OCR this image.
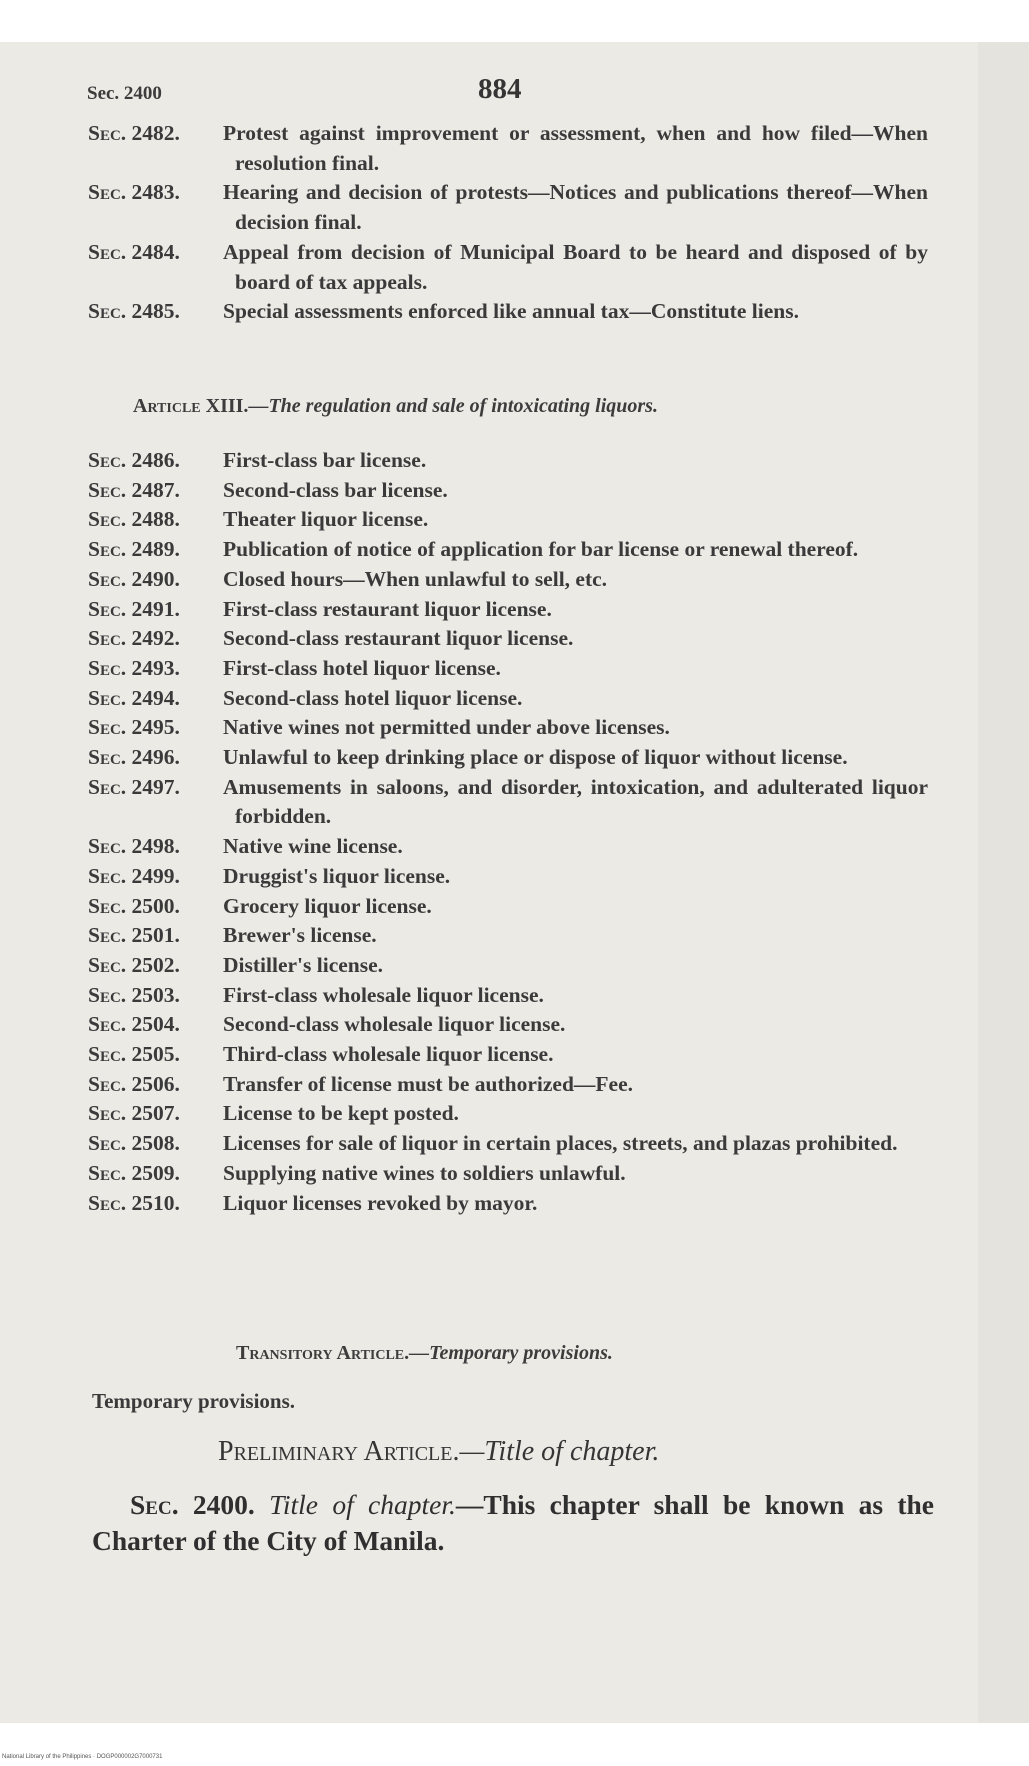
Sec. 2400	884
Sec. 2482. Protest against improvement or assessment, when and how filed—When resolution final.
Sec. 2483. Hearing and decision of protests—Notices and publications thereof—When decision final.
Sec. 2484. Appeal from decision of Municipal Board to be heard and disposed of by board of tax appeals.
Sec. 2485. Special assessments enforced like annual tax—Constitute liens.
Article XIII.—The regulation and sale of intoxicating liquors.
Sec. 2486. First-class bar license.
Sec. 2487. Second-class bar license.
Sec. 2488. Theater liquor license.
Sec. 2489. Publication of notice of application for bar license or renewal thereof.
Sec. 2490. Closed hours—When unlawful to sell, etc.
Sec. 2491. First-class restaurant liquor license.
Sec. 2492. Second-class restaurant liquor license.
Sec. 2493. First-class hotel liquor license.
Sec. 2494. Second-class hotel liquor license.
Sec. 2495. Native wines not permitted under above licenses.
Sec. 2496. Unlawful to keep drinking place or dispose of liquor without license.
Sec. 2497. Amusements in saloons, and disorder, intoxication, and adulterated liquor forbidden.
Sec. 2498. Native wine license.
Sec. 2499. Druggist's liquor license.
Sec. 2500. Grocery liquor license.
Sec. 2501. Brewer's license.
Sec. 2502. Distiller's license.
Sec. 2503. First-class wholesale liquor license.
Sec. 2504. Second-class wholesale liquor license.
Sec. 2505. Third-class wholesale liquor license.
Sec. 2506. Transfer of license must be authorized—Fee.
Sec. 2507. License to be kept posted.
Sec. 2508. Licenses for sale of liquor in certain places, streets, and plazas prohibited.
Sec. 2509. Supplying native wines to soldiers unlawful.
Sec. 2510. Liquor licenses revoked by mayor.
Transitory Article.—Temporary provisions.
Temporary provisions.
Preliminary Article.—Title of chapter.
Sec. 2400. Title of chapter.—This chapter shall be known as the Charter of the City of Manila.
National Library of the Philippines · DOGP000002G7000731
